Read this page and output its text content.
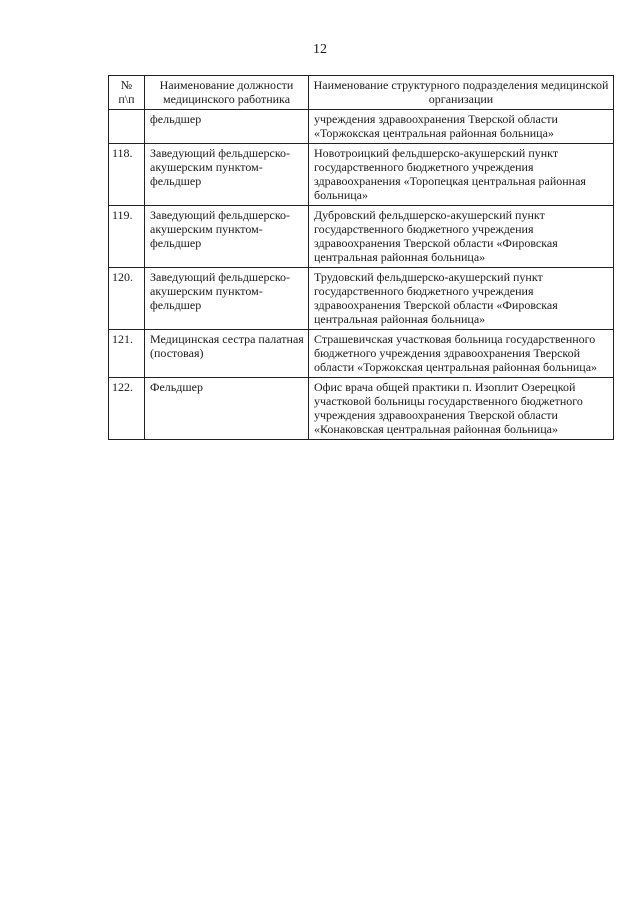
12
№ п\п	Наименование должности медицинского работника	Наименование структурного подразделения медицинской организации
	фельдшер	учреждения здравоохранения Тверской области «Торжокская центральная районная больница»
118.	Заведующий фельдшерско-акушерским пунктом-фельдшер	Новотроицкий фельдшерско-акушерский пункт государственного бюджетного учреждения здравоохранения «Торопецкая центральная районная больница»
119.	Заведующий фельдшерско-акушерским пунктом-фельдшер	Дубровский фельдшерско-акушерский пункт государственного бюджетного учреждения здравоохранения Тверской области «Фировская центральная районная больница»
120.	Заведующий фельдшерско-акушерским пунктом-фельдшер	Трудовский фельдшерско-акушерский пункт государственного бюджетного учреждения здравоохранения Тверской области «Фировская центральная районная больница»
121.	Медицинская сестра палатная (постовая)	Страшевичская участковая больница государственного бюджетного учреждения здравоохранения Тверской области «Торжокская центральная районная больница»
122.	Фельдшер	Офис врача общей практики п. Изоплит Озерецкой участковой больницы государственного бюджетного учреждения здравоохранения Тверской области «Конаковская центральная районная больница»
